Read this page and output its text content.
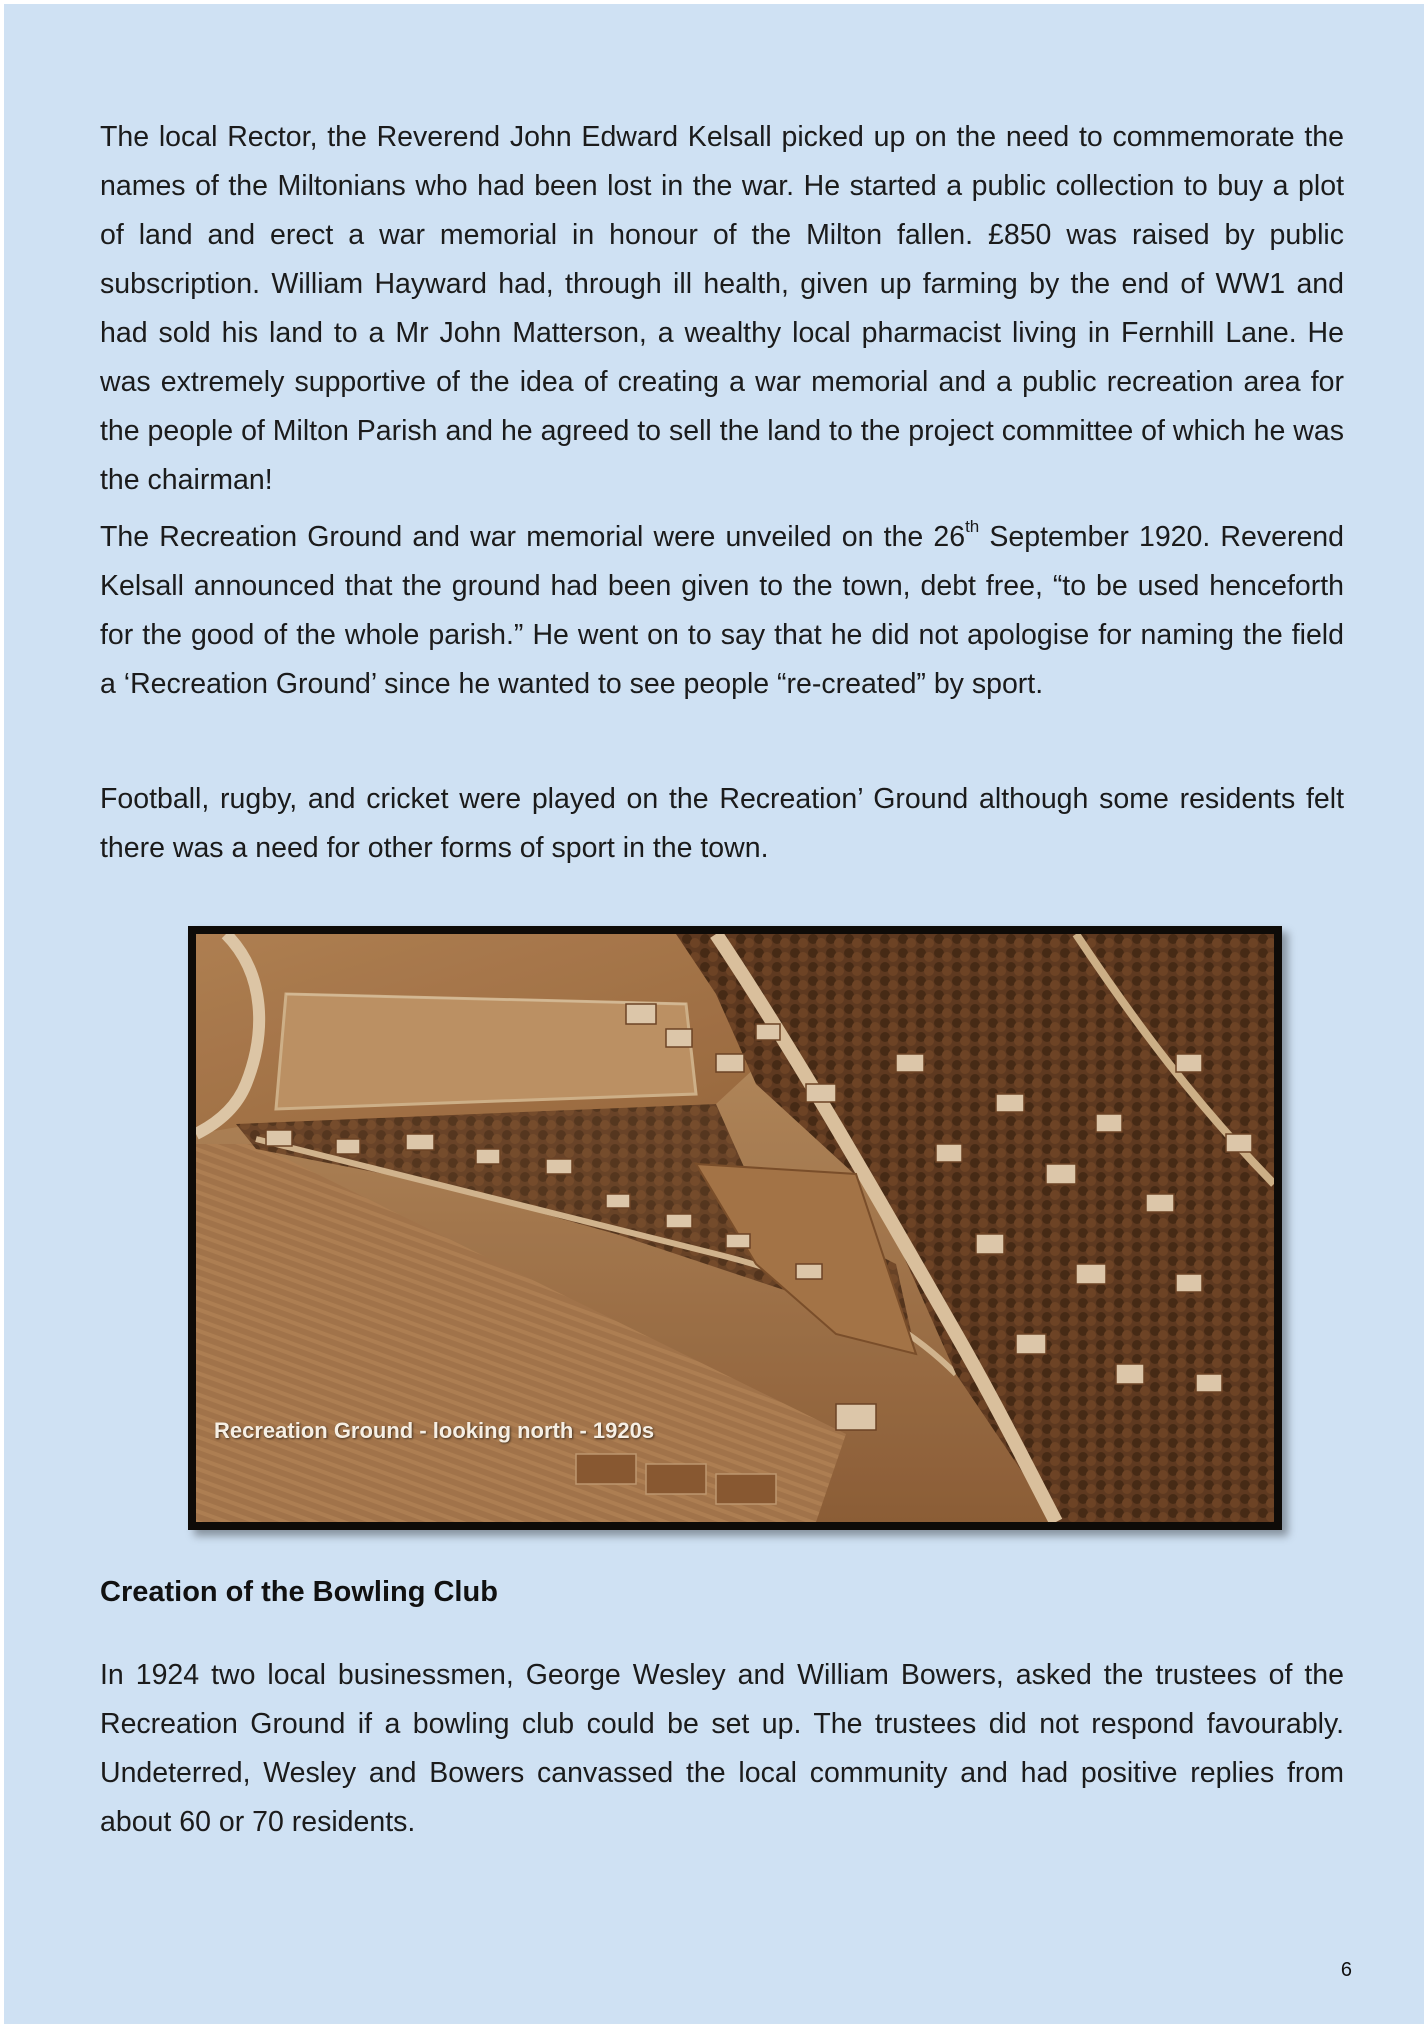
The local Rector, the Reverend John Edward Kelsall picked up on the need to commemorate the names of the Miltonians who had been lost in the war. He started a public collection to buy a plot of land and erect a war memorial in honour of the Milton fallen. £850 was raised by public subscription. William Hayward had, through ill health, given up farming by the end of WW1 and had sold his land to a Mr John Matterson, a wealthy local pharmacist living in Fernhill Lane. He was extremely supportive of the idea of creating a war memorial and a public recreation area for the people of Milton Parish and he agreed to sell the land to the project committee of which he was the chairman!

The Recreation Ground and war memorial were unveiled on the 26th September 1920. Reverend Kelsall announced that the ground had been given to the town, debt free, “to be used henceforth for the good of the whole parish.” He went on to say that he did not apologise for naming the field a ‘Recreation Ground’ since he wanted to see people “re-created” by sport.

Football, rugby, and cricket were played on the Recreation’ Ground although some residents felt there was a need for other forms of sport in the town.

Recreation Ground - looking north - 1920s
Creation of the Bowling Club

In 1924 two local businessmen, George Wesley and William Bowers, asked the trustees of the Recreation Ground if a bowling club could be set up. The trustees did not respond favourably. Undeterred, Wesley and Bowers canvassed the local community and had positive replies from about 60 or 70 residents.

6
